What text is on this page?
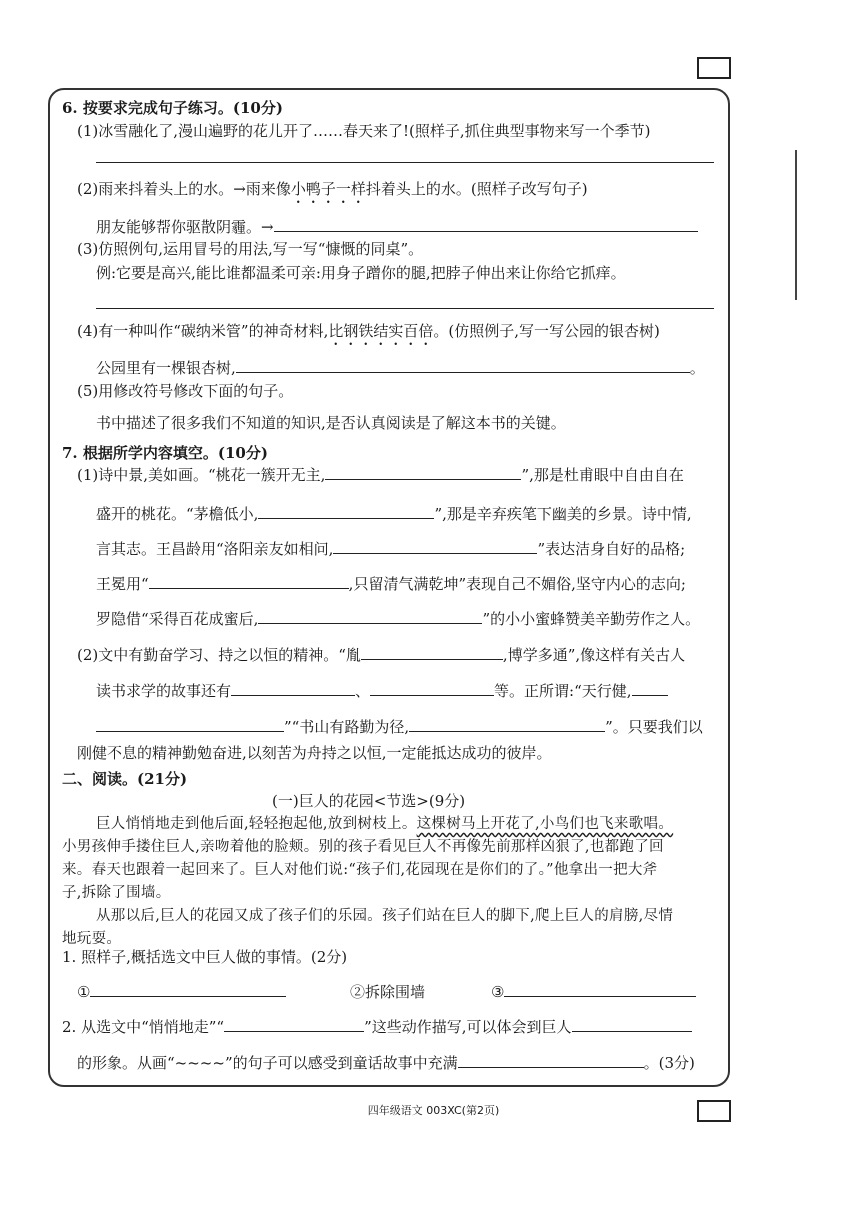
6. 按要求完成句子练习。(10分)
(1)冰雪融化了,漫山遍野的花儿开了……春天来了!(照样子,抓住典型事物来写一个季节)
(2)雨来抖着头上的水。→雨来像小鸭子一样抖着头上的水。(照样子改写句子)
朋友能够帮你驱散阴霾。→
(3)仿照例句,运用冒号的用法,写一写“慷慨的同桌”。
例:它要是高兴,能比谁都温柔可亲:用身子蹭你的腿,把脖子伸出来让你给它抓痒。
(4)有一种叫作“碳纳米管”的神奇材料,比钢铁结实百倍。(仿照例子,写一写公园的银杏树)
公园里有一棵银杏树,	。
(5)用修改符号修改下面的句子。
书中描述了很多我们不知道的知识,是否认真阅读是了解这本书的关键。
7. 根据所学内容填空。(10分)
(1)诗中景,美如画。“桃花一簇开无主,	”,那是杜甫眼中自由自在
盛开的桃花。“茅檐低小,	”,那是辛弃疾笔下幽美的乡景。诗中情,
言其志。王昌龄用“洛阳亲友如相问,	”表达洁身自好的品格;
王冕用“	,只留清气满乾坤”表现自己不媚俗,坚守内心的志向;
罗隐借“采得百花成蜜后,	”的小小蜜蜂赞美辛勤劳作之人。
(2)文中有勤奋学习、持之以恒的精神。“胤	,博学多通”,像这样有关古人
读书求学的故事还有	、	等。正所谓:“天行健,
”“书山有路勤为径,	”。只要我们以
刚健不息的精神勤勉奋进,以刻苦为舟持之以恒,一定能抵达成功的彼岸。
二、阅读。(21分)
(一)巨人的花园<节选>(9分)
巨人悄悄地走到他后面,轻轻抱起他,放到树枝上。这棵树马上开花了,小鸟们也飞来歌唱。
小男孩伸手搂住巨人,亲吻着他的脸颊。别的孩子看见巨人不再像先前那样凶狠了,也都跑了回
来。春天也跟着一起回来了。巨人对他们说:“孩子们,花园现在是你们的了。”他拿出一把大斧
子,拆除了围墙。
从那以后,巨人的花园又成了孩子们的乐园。孩子们站在巨人的脚下,爬上巨人的肩膀,尽情
地玩耍。
1. 照样子,概括选文中巨人做的事情。(2分)
①	②拆除围墙	③
2. 从选文中“悄悄地走”“	”这些动作描写,可以体会到巨人
的形象。从画“~~~~”的句子可以感受到童话故事中充满	。(3分)
四年级语文 003XC(第2页)
